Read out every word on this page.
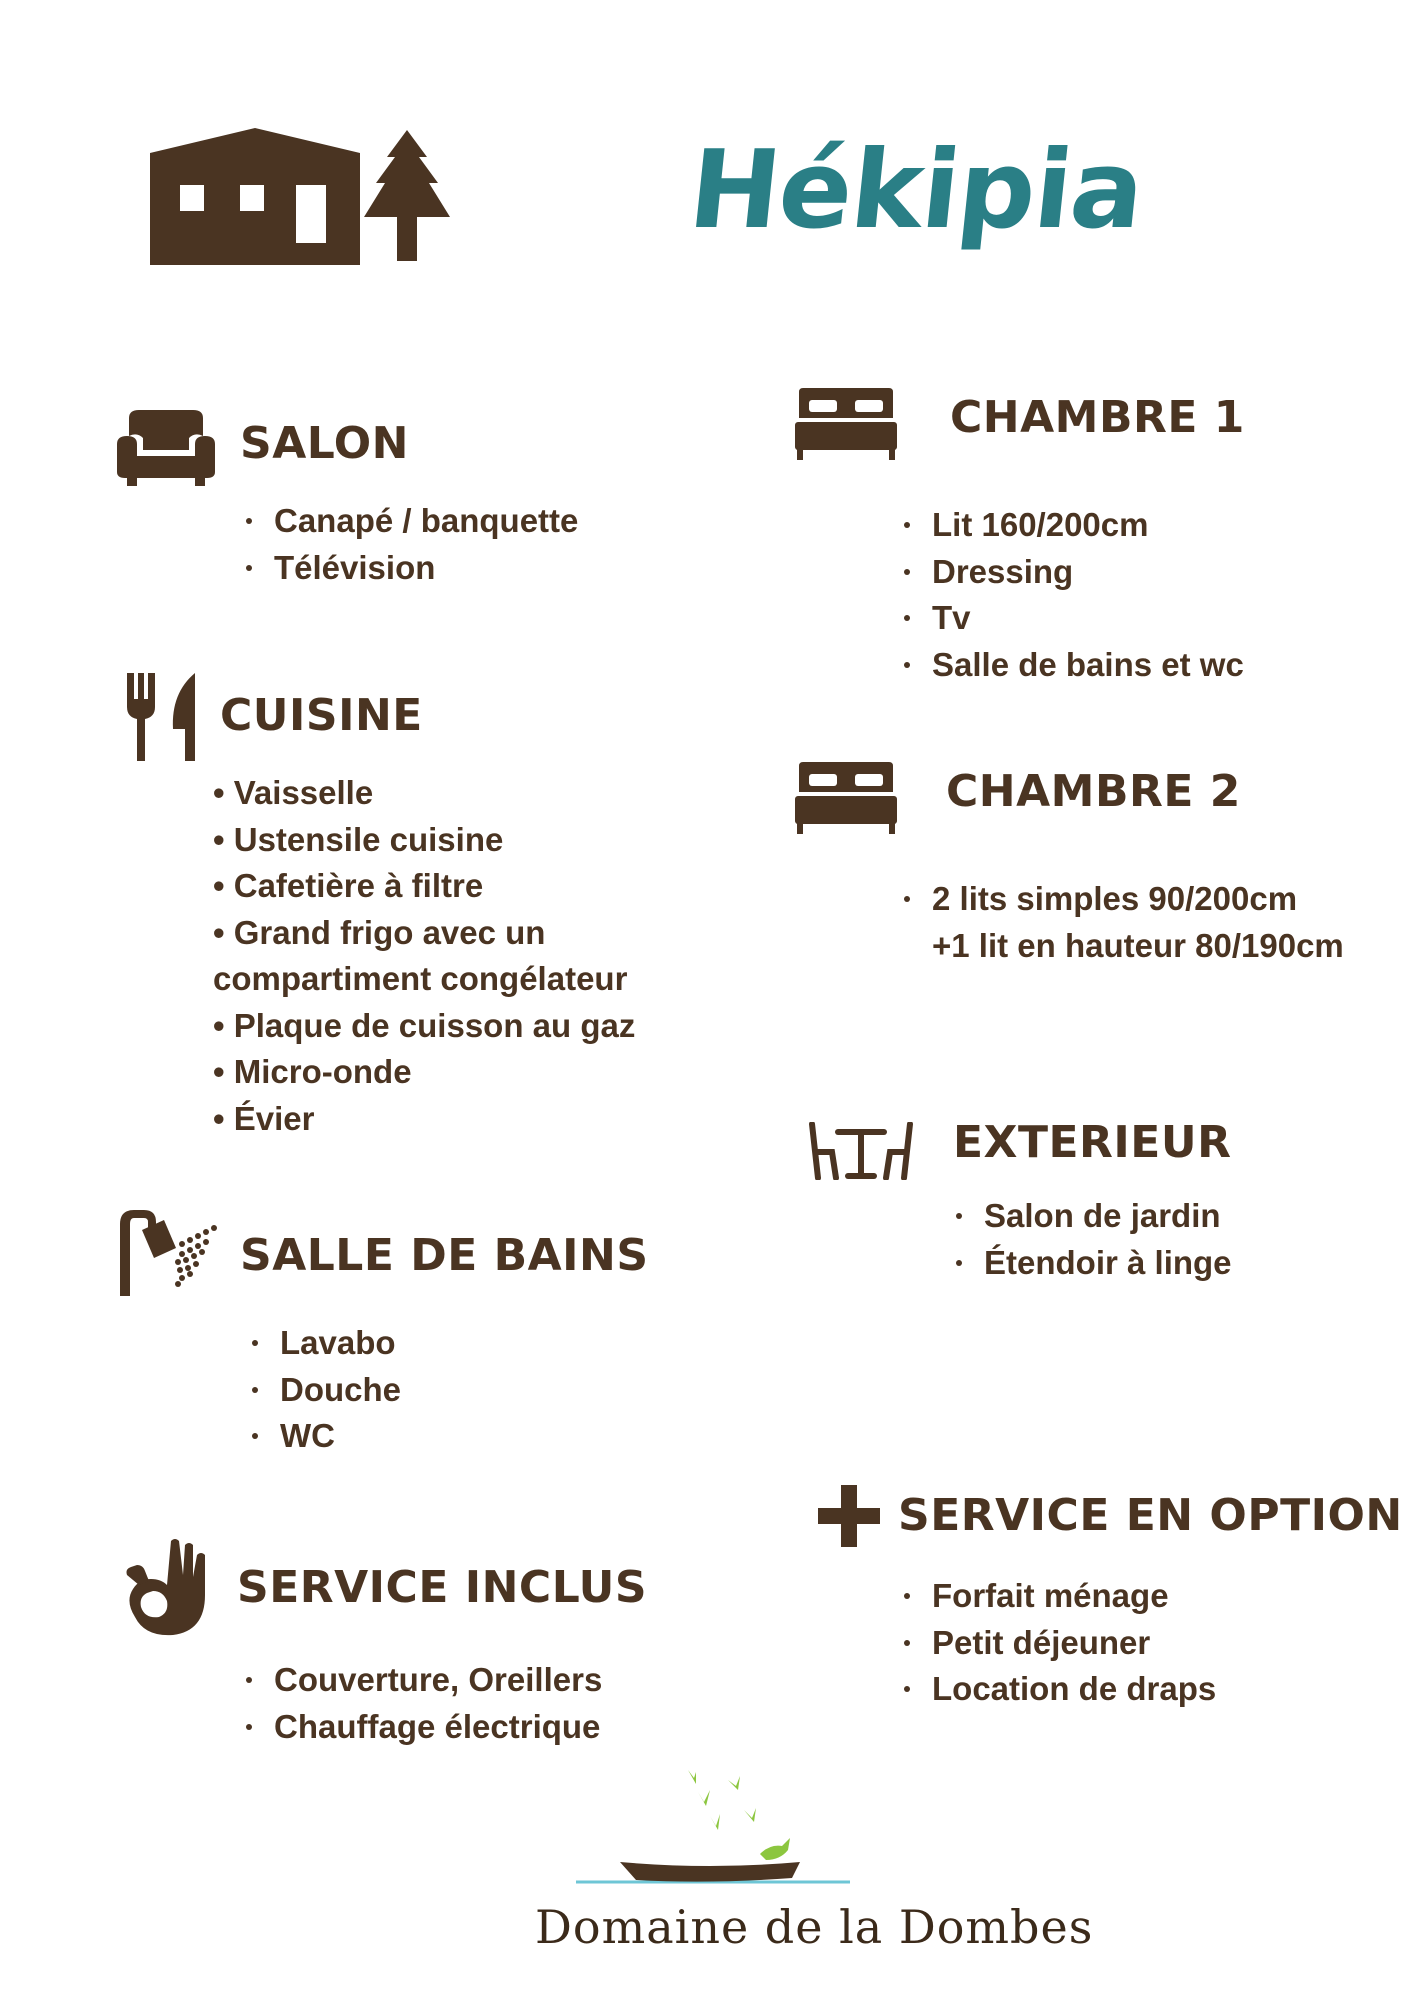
Hékipia
SALON
Canapé / banquette
Télévision
CUISINE
• Vaisselle
• Ustensile cuisine
• Cafetière à filtre
• Grand frigo avec un
compartiment congélateur
• Plaque de cuisson au gaz
• Micro-onde
• Évier
SALLE DE BAINS
Lavabo
Douche
WC
SERVICE INCLUS
Couverture, Oreillers
Chauffage électrique
CHAMBRE 1
Lit 160/200cm
Dressing
Tv
Salle de bains et wc
CHAMBRE 2
2 lits simples 90/200cm
+1 lit en hauteur 80/190cm
EXTERIEUR
Salon de jardin
Étendoir à linge
SERVICE EN OPTION
Forfait ménage
Petit déjeuner
Location de draps
Domaine de la Dombes
